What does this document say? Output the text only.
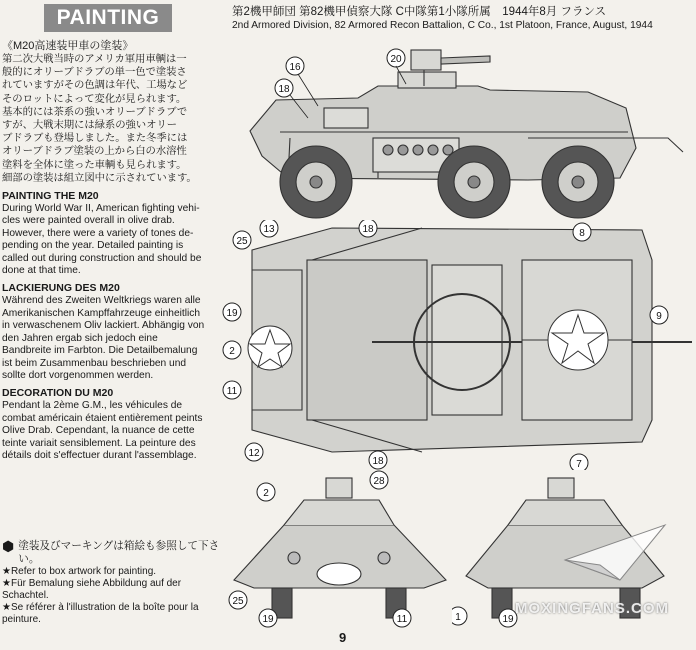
PAINTING	第2機甲師団 第82機甲偵察大隊 C中隊第1小隊所属　1944年8月 フランス
2nd Armored Division, 82 Armored Recon Battalion, C Co., 1st Platoon, France, August, 1944
《M20高速装甲車の塗装》
第二次大戦当時のアメリカ軍用車輌は一
般的にオリーブドラブの単一色で塗装さ
れていますがその色調は年代、工場など
そのロットによって変化が見られます。
基本的には茶系の強いオリーブドラブで
すが、大戦末期には緑系の強いオリー
ブドラブも登場しました。また冬季には
オリーブドラブ塗装の上から白の水溶性
塗料を全体に塗った車輌も見られます。
細部の塗装は組立図中に示されています。
PAINTING THE M20
During World War II, American fighting vehi-
cles were painted overall in olive drab.
However, there were a variety of tones de-
pending on the year. Detailed painting is
called out during construction and should be
done at that time.
LACKIERUNG DES M20
Während des Zweiten Weltkriegs waren alle
Amerikanischen Kampffahrzeuge einheitlich
in verwaschenem Oliv lackiert. Abhängig von
den Jahren ergab sich jedoch eine
Bandbreite im Farbton. Die Detailbemalung
ist beim Zusammenbau beschrieben und
sollte dort vorgenommen werden.
DECORATION DU M20
Pendant la 2ème G.M., les véhicules de
combat américain étaient entièrement peints
Olive Drab. Cependant, la nuance de cette
teinte variait sensiblement. La peinture des
détails doit s'effectuer durant l'assemblage.
⬢ 塗装及びマーキングは箱絵も参照して下さい。
★Refer to box artwork for painting.
★Für Bemalung siehe Abbildung auf der Schachtel.
★Se référer à l'illustration de la boîte pour la peinture.
16
20
18
25
13	18	8
9
19
2
11
12
18	7
2
28
25
19	11	1	19
MOXINGFANS.COM
9
